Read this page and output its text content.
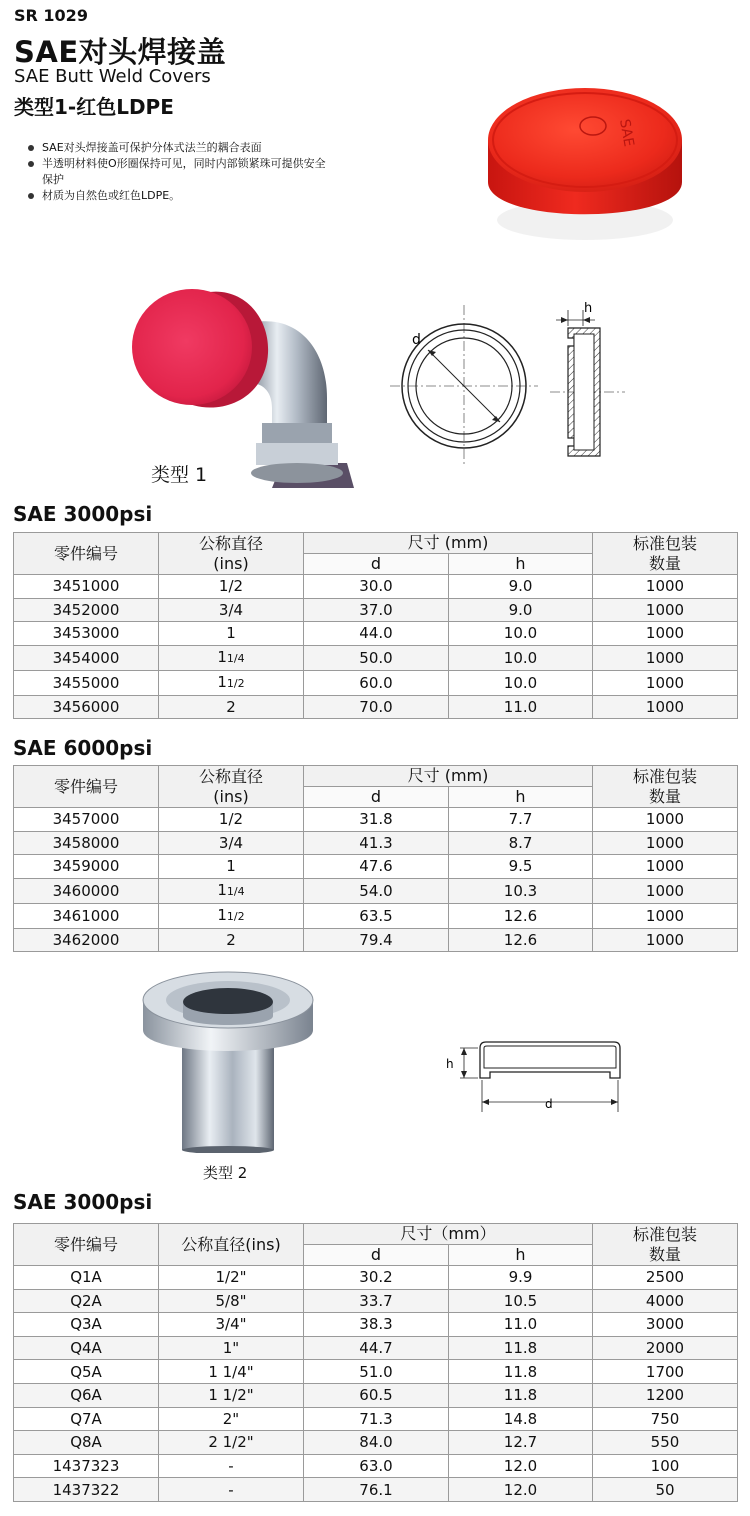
SR 1029
SAE对头焊接盖
SAE Butt Weld Covers
类型1-红色LDPE
SAE对头焊接盖可保护分体式法兰的耦合表面
半透明材料使O形圈保持可见，同时内部锁紧珠可提供安全保护
材质为自然色或红色LDPE。
SAE
类型 1
d
h
SAE 3000psi
零件编号	公称直径
(ins)	尺寸 (mm)		标准包装
数量
		d	h	
3451000	1/2	30.0	9.0	1000
3452000	3/4	37.0	9.0	1000
3453000	1	44.0	10.0	1000
3454000	11/4	50.0	10.0	1000
3455000	11/2	60.0	10.0	1000
3456000	2	70.0	11.0	1000
SAE 6000psi
零件编号	公称直径
(ins)	尺寸 (mm)		标准包装
数量
		d	h	
3457000	1/2	31.8	7.7	1000
3458000	3/4	41.3	8.7	1000
3459000	1	47.6	9.5	1000
3460000	11/4	54.0	10.3	1000
3461000	11/2	63.5	12.6	1000
3462000	2	79.4	12.6	1000
类型 2
h
d
SAE 3000psi
零件编号	公称直径(ins)	尺寸（mm）		标准包装
数量
		d	h	
Q1A	1/2"	30.2	9.9	2500
Q2A	5/8"	33.7	10.5	4000
Q3A	3/4"	38.3	11.0	3000
Q4A	1"	44.7	11.8	2000
Q5A	1 1/4"	51.0	11.8	1700
Q6A	1 1/2"	60.5	11.8	1200
Q7A	2"	71.3	14.8	750
Q8A	2 1/2"	84.0	12.7	550
1437323	-	63.0	12.0	100
1437322	-	76.1	12.0	50
